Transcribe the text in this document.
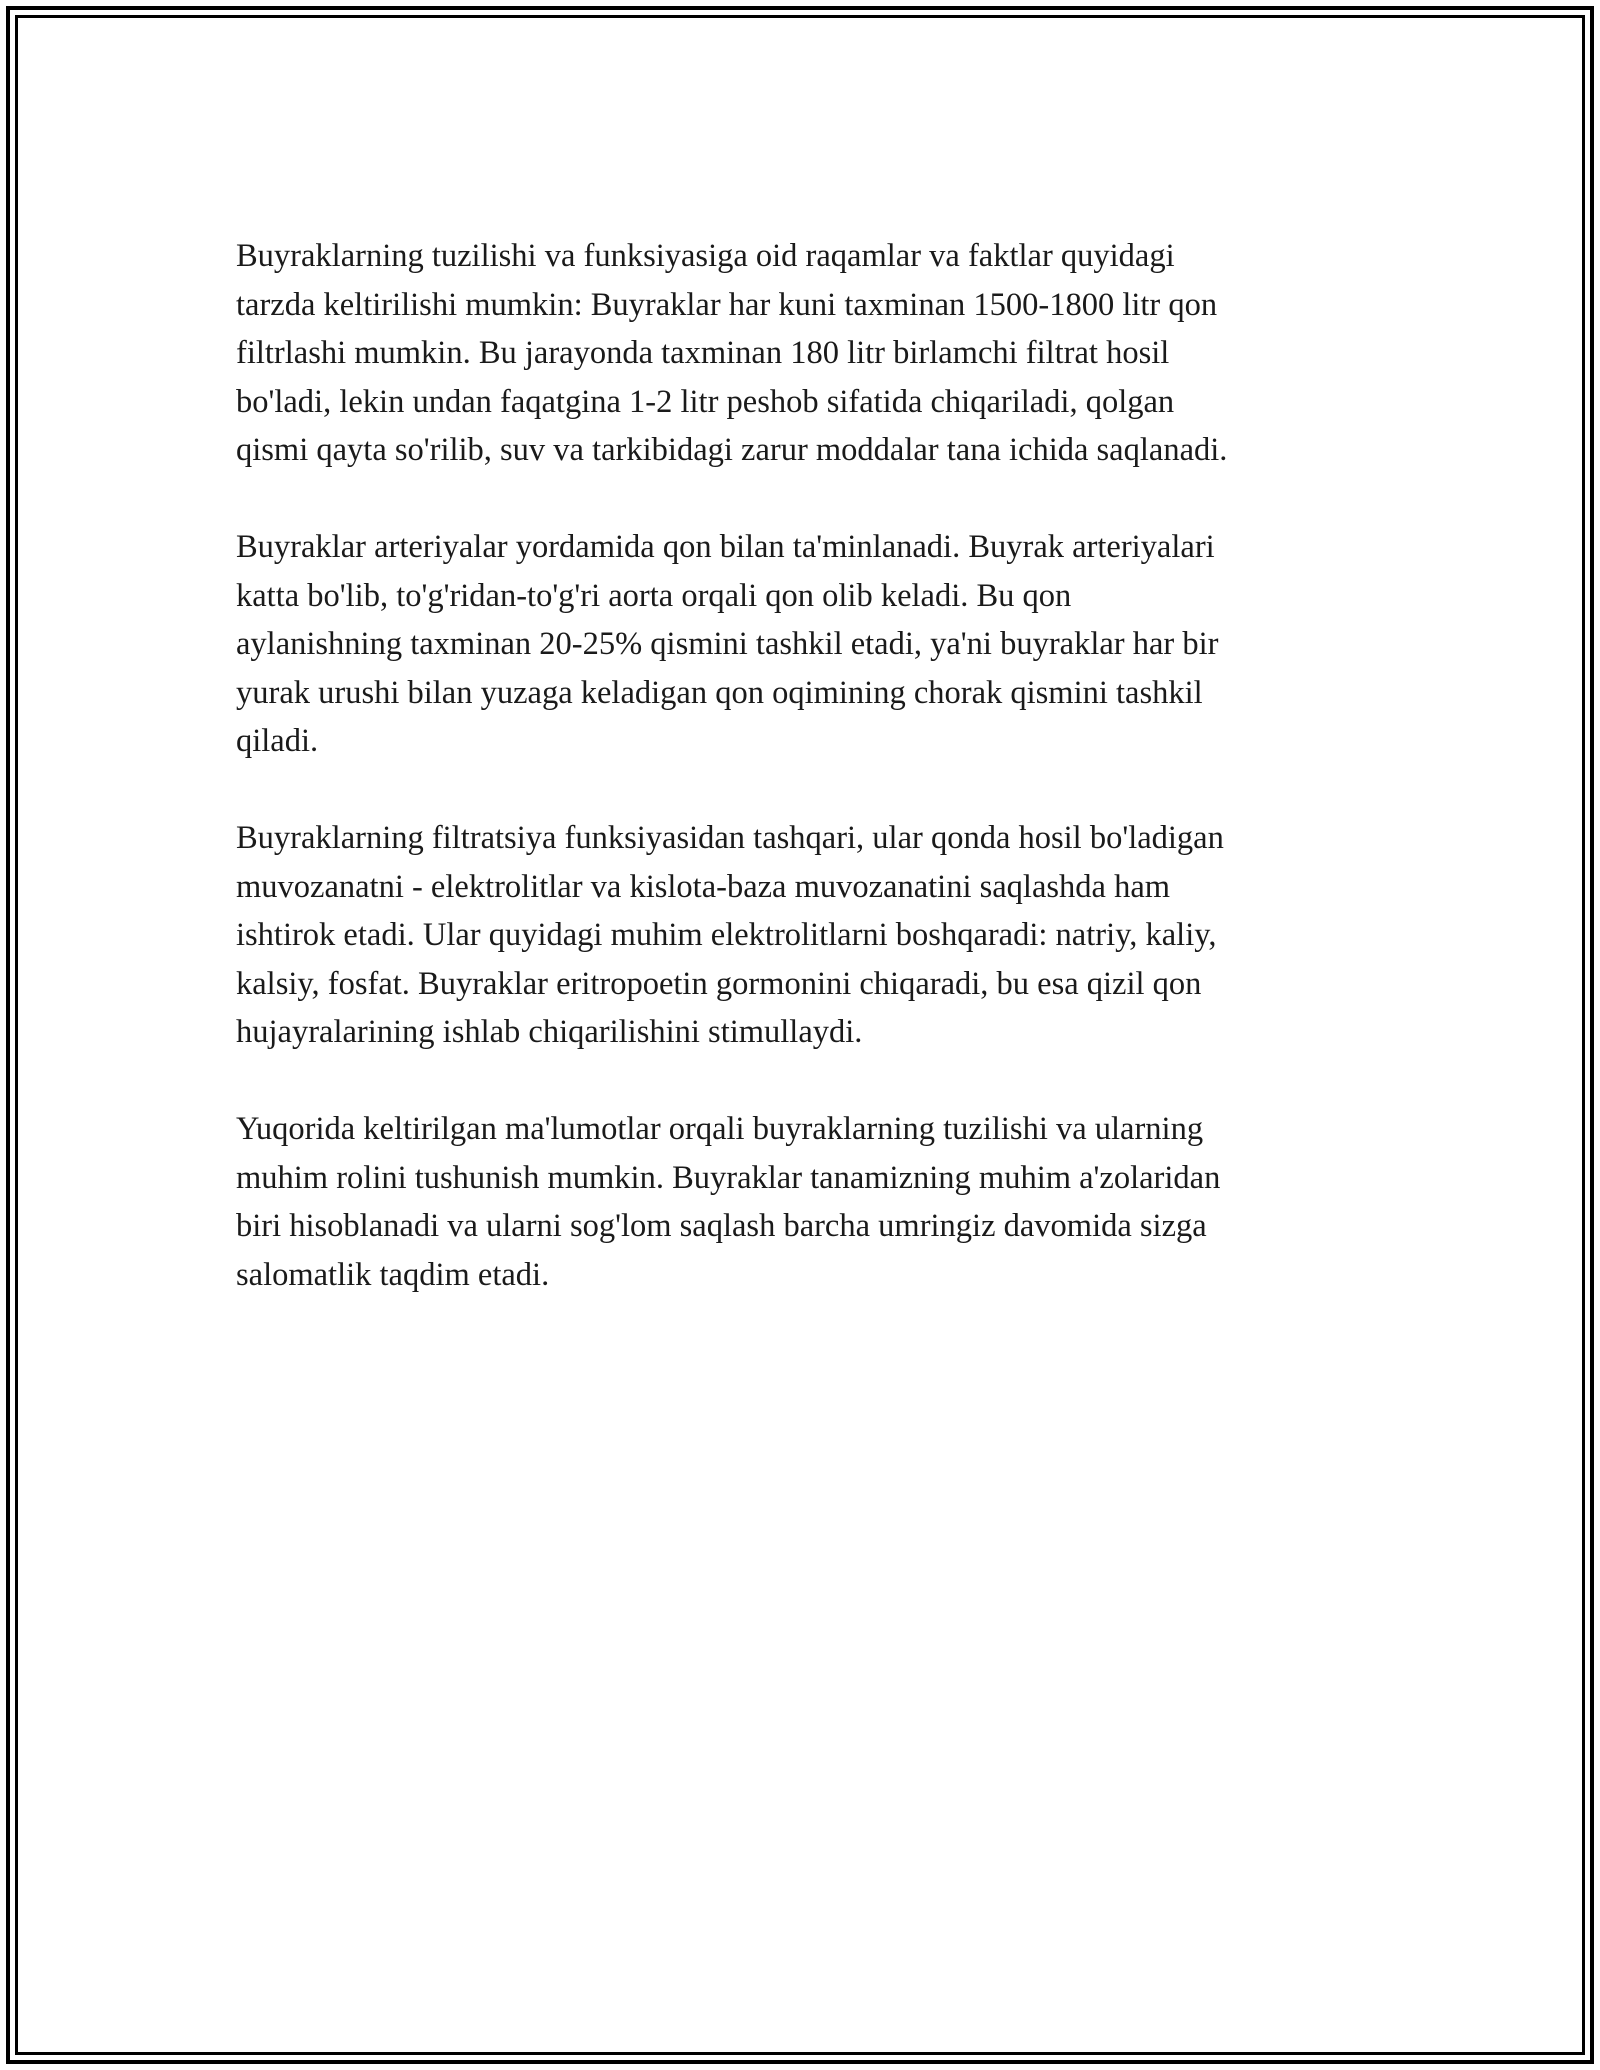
Buyraklarning tuzilishi va funksiyasiga oid raqamlar va faktlar quyidagi
tarzda keltirilishi mumkin: Buyraklar har kuni taxminan 1500-1800 litr qon
filtrlashi mumkin. Bu jarayonda taxminan 180 litr birlamchi filtrat hosil
bo'ladi, lekin undan faqatgina 1-2 litr peshob sifatida chiqariladi, qolgan
qismi qayta so'rilib, suv va tarkibidagi zarur moddalar tana ichida saqlanadi.

Buyraklar arteriyalar yordamida qon bilan ta'minlanadi. Buyrak arteriyalari
katta bo'lib, to'g'ridan-to'g'ri aorta orqali qon olib keladi. Bu qon
aylanishning taxminan 20-25% qismini tashkil etadi, ya'ni buyraklar har bir
yurak urushi bilan yuzaga keladigan qon oqimining chorak qismini tashkil
qiladi.

Buyraklarning filtratsiya funksiyasidan tashqari, ular qonda hosil bo'ladigan
muvozanatni - elektrolitlar va kislota-baza muvozanatini saqlashda ham
ishtirok etadi. Ular quyidagi muhim elektrolitlarni boshqaradi: natriy, kaliy,
kalsiy, fosfat. Buyraklar eritropoetin gormonini chiqaradi, bu esa qizil qon
hujayralarining ishlab chiqarilishini stimullaydi.

Yuqorida keltirilgan ma'lumotlar orqali buyraklarning tuzilishi va ularning
muhim rolini tushunish mumkin. Buyraklar tanamizning muhim a'zolaridan
biri hisoblanadi va ularni sog'lom saqlash barcha umringiz davomida sizga
salomatlik taqdim etadi.
